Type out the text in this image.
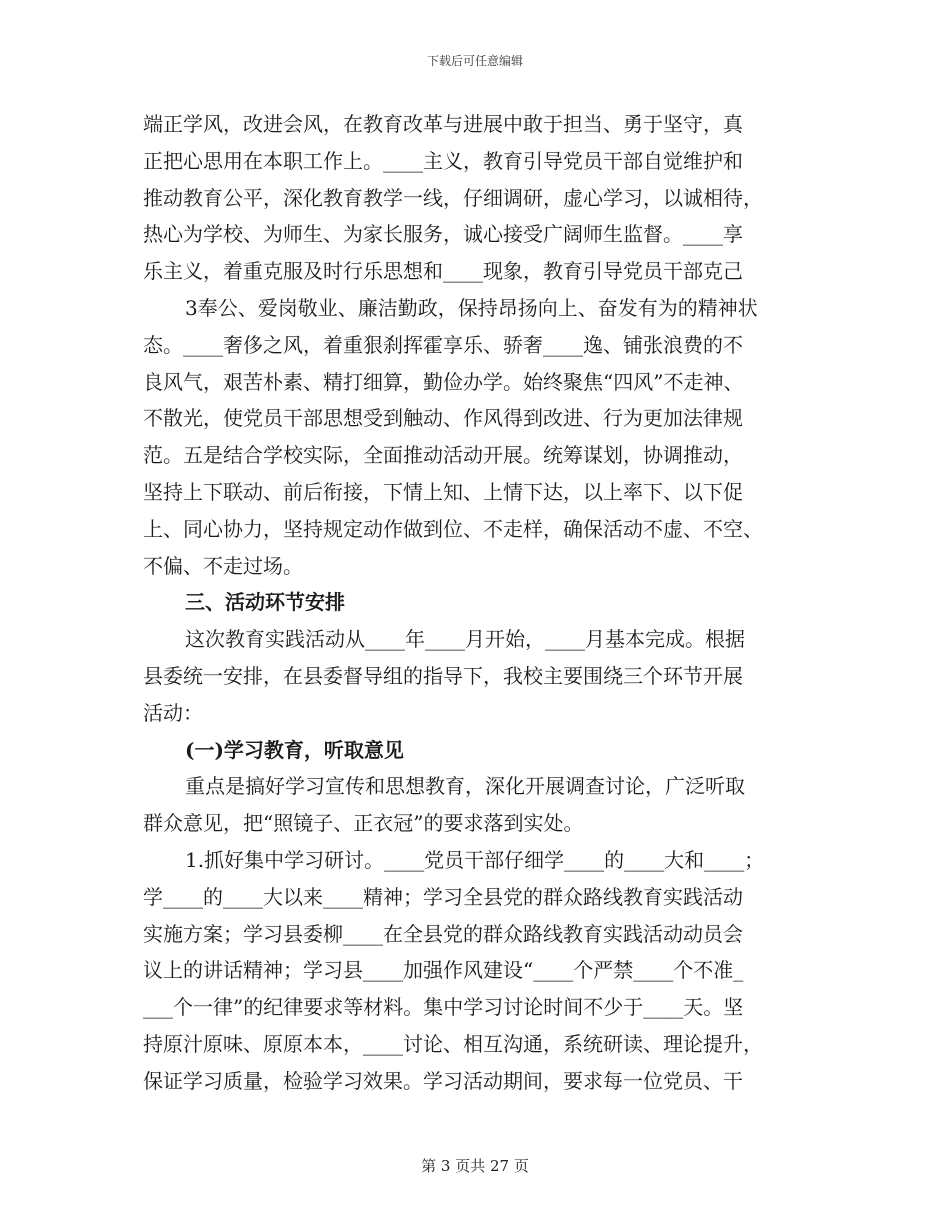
下载后可任意编辑
端正学风，改进会风，在教育改革与进展中敢于担当、勇于坚守，真
正把心思用在本职工作上。____主义，教育引导党员干部自觉维护和
推动教育公平，深化教育教学一线，仔细调研，虚心学习，以诚相待，
热心为学校、为师生、为家长服务，诚心接受广阔师生监督。____享
乐主义，着重克服及时行乐思想和____现象，教育引导党员干部克己
3奉公、爱岗敬业、廉洁勤政，保持昂扬向上、奋发有为的精神状
态。____奢侈之风，着重狠刹挥霍享乐、骄奢____逸、铺张浪费的不
良风气，艰苦朴素、精打细算，勤俭办学。始终聚焦“四风”不走神、
不散光，使党员干部思想受到触动、作风得到改进、行为更加法律规
范。五是结合学校实际，全面推动活动开展。统筹谋划，协调推动，
坚持上下联动、前后衔接，下情上知、上情下达，以上率下、以下促
上、同心协力，坚持规定动作做到位、不走样，确保活动不虚、不空、
不偏、不走过场。
三、活动环节安排
这次教育实践活动从____年____月开始，____月基本完成。根据
县委统一安排，在县委督导组的指导下，我校主要围绕三个环节开展
活动：
(一)学习教育，听取意见
重点是搞好学习宣传和思想教育，深化开展调查讨论，广泛听取
群众意见，把“照镜子、正衣冠”的要求落到实处。
1.抓好集中学习研讨。____党员干部仔细学____的____大和____；
学____的____大以来____精神；学习全县党的群众路线教育实践活动
实施方案；学习县委柳____在全县党的群众路线教育实践活动动员会
议上的讲话精神；学习县____加强作风建设“____个严禁____个不准_
___个一律”的纪律要求等材料。集中学习讨论时间不少于____天。坚
持原汁原味、原原本本，____讨论、相互沟通，系统研读、理论提升，
保证学习质量，检验学习效果。学习活动期间，要求每一位党员、干
第 3 页共 27 页
